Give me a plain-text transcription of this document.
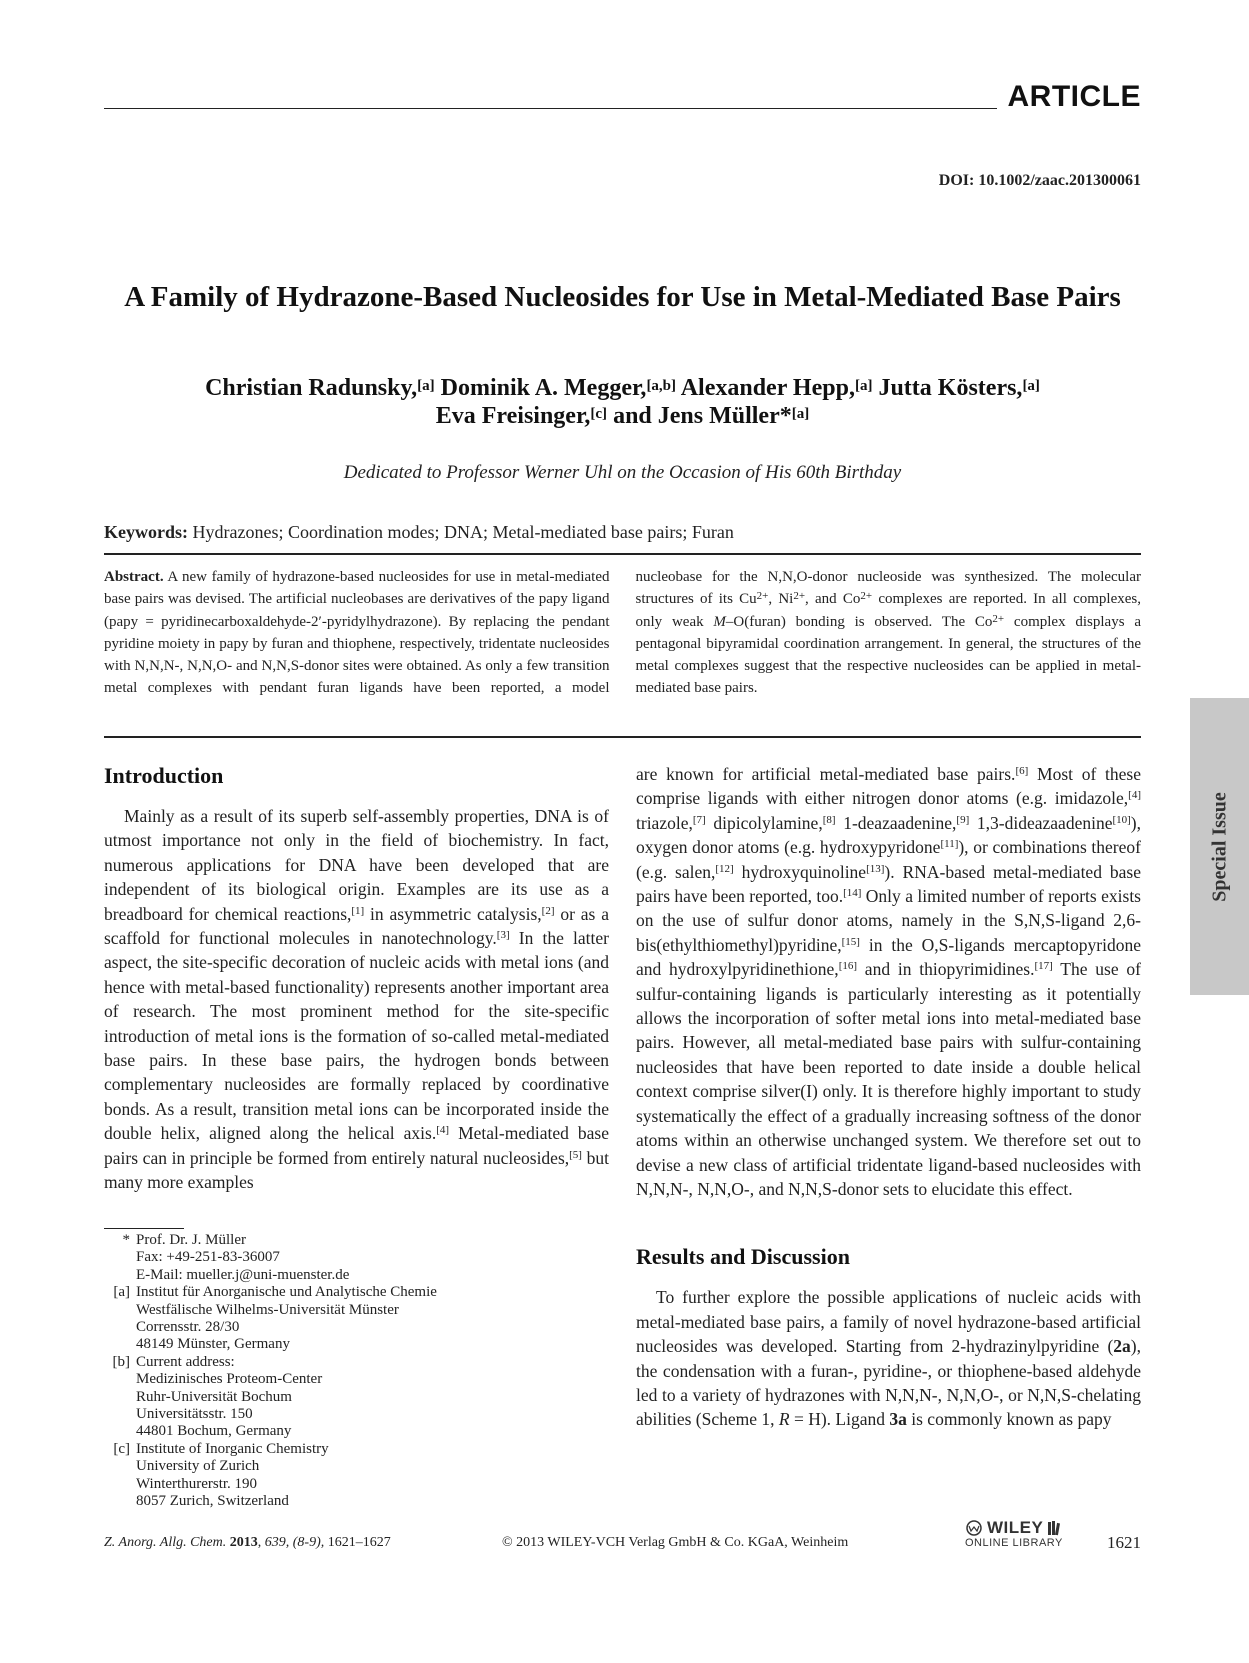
ARTICLE
DOI: 10.1002/zaac.201300061
A Family of Hydrazone-Based Nucleosides for Use in Metal-Mediated Base Pairs
Christian Radunsky,[a] Dominik A. Megger,[a,b] Alexander Hepp,[a] Jutta Kösters,[a]
Eva Freisinger,[c] and Jens Müller*[a]
Dedicated to Professor Werner Uhl on the Occasion of His 60th Birthday
Keywords: Hydrazones; Coordination modes; DNA; Metal-mediated base pairs; Furan

Abstract. A new family of hydrazone-based nucleosides for use in metal-mediated base pairs was devised. The artificial nucleobases are derivatives of the papy ligand (papy = pyridinecarboxaldehyde-2′-pyridylhydrazone). By replacing the pendant pyridine moiety in papy by furan and thiophene, respectively, tridentate nucleosides with N,N,N-, N,N,O- and N,N,S-donor sites were obtained. As only a few transition metal complexes with pendant furan ligands have been reported, a model nucleobase for the N,N,O-donor nucleoside was synthesized. The molecular structures of its Cu$^{2+}$, Ni$^{2+}$, and Co$^{2+}$ complexes are reported. In all complexes, only weak M–O(furan) bonding is observed. The Co$^{2+}$ complex displays a pentagonal bipyramidal coordination arrangement. In general, the structures of the metal complexes suggest that the respective nucleosides can be applied in metal-mediated base pairs.

Introduction

Mainly as a result of its superb self-assembly properties, DNA is of utmost importance not only in the field of biochemistry. In fact, numerous applications for DNA have been developed that are independent of its biological origin. Examples are its use as a breadboard for chemical reactions,[1] in asymmetric catalysis,[2] or as a scaffold for functional molecules in nanotechnology.[3] In the latter aspect, the site-specific decoration of nucleic acids with metal ions (and hence with metal-based functionality) represents another important area of research. The most prominent method for the site-specific introduction of metal ions is the formation of so-called metal-mediated base pairs. In these base pairs, the hydrogen bonds between complementary nucleosides are formally replaced by coordinative bonds. As a result, transition metal ions can be incorporated inside the double helix, aligned along the helical axis.[4] Metal-mediated base pairs can in principle be formed from entirely natural nucleosides,[5] but many more examples

* Prof. Dr. J. Müller
Fax: +49-251-83-36007
E-Mail: mueller.j@uni-muenster.de
[a] Institut für Anorganische und Analytische Chemie
Westfälische Wilhelms-Universität Münster
Corrensstr. 28/30
48149 Münster, Germany
[b] Current address:
Medizinisches Proteom-Center
Ruhr-Universität Bochum
Universitätsstr. 150
44801 Bochum, Germany
[c] Institute of Inorganic Chemistry
University of Zurich
Winterthurerstr. 190
8057 Zurich, Switzerland

are known for artificial metal-mediated base pairs.[6] Most of these comprise ligands with either nitrogen donor atoms (e.g. imidazole,[4] triazole,[7] dipicolylamine,[8] 1-deazaadenine,[9] 1,3-dideazaadenine[10]), oxygen donor atoms (e.g. hydroxypyridone[11]), or combinations thereof (e.g. salen,[12] hydroxyquinoline[13]). RNA-based metal-mediated base pairs have been reported, too.[14] Only a limited number of reports exists on the use of sulfur donor atoms, namely in the S,N,S-ligand 2,6-bis(ethylthiomethyl)pyridine,[15] in the O,S-ligands mercaptopyridone and hydroxylpyridinethione,[16] and in thiopyrimidines.[17] The use of sulfur-containing ligands is particularly interesting as it potentially allows the incorporation of softer metal ions into metal-mediated base pairs. However, all metal-mediated base pairs with sulfur-containing nucleosides that have been reported to date inside a double helical context comprise silver(I) only. It is therefore highly important to study systematically the effect of a gradually increasing softness of the donor atoms within an otherwise unchanged system. We therefore set out to devise a new class of artificial tridentate ligand-based nucleosides with N,N,N-, N,N,O-, and N,N,S-donor sets to elucidate this effect.

Results and Discussion

To further explore the possible applications of nucleic acids with metal-mediated base pairs, a family of novel hydrazone-based artificial nucleosides was developed. Starting from 2-hydrazinylpyridine (2a), the condensation with a furan-, pyridine-, or thiophene-based aldehyde led to a variety of hydrazones with N,N,N-, N,N,O-, or N,N,S-chelating abilities (Scheme 1, R = H). Ligand 3a is commonly known as papy

Special Issue
Z. Anorg. Allg. Chem. 2013, 639, (8-9), 1621–1627	© 2013 WILEY-VCH Verlag GmbH & Co. KGaA, Weinheim
WILEY
ONLINE LIBRARY	1621
